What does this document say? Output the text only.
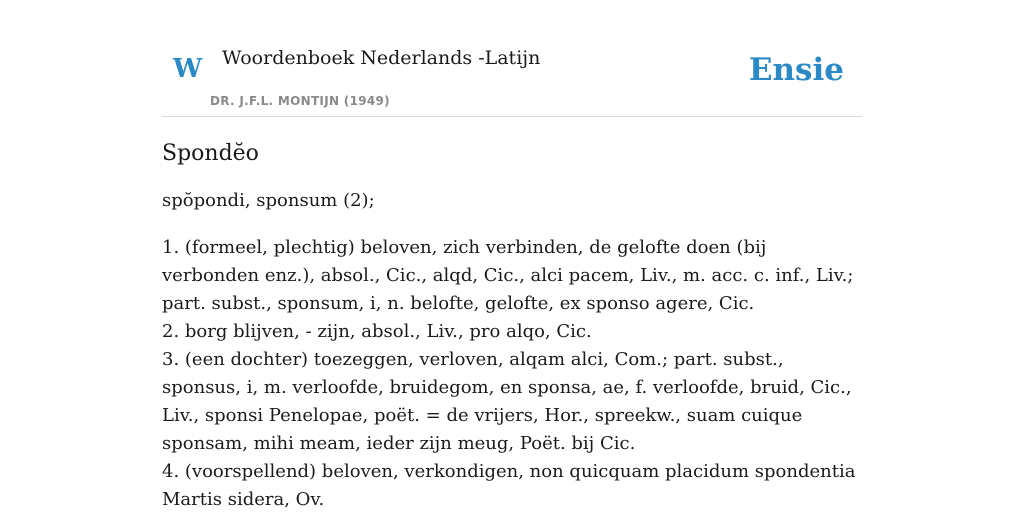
W Woordenboek Nederlands -Latijn
DR. J.F.L. MONTIJN (1949)
Ensie
Spondĕo

spŏpondi, sponsum (2);

1. (formeel, plechtig) beloven, zich verbinden, de gelofte doen (bij verbonden enz.), absol., Cic., alqd, Cic., alci pacem, Liv., m. acc. c. inf., Liv.; part. subst., sponsum, i, n. belofte, gelofte, ex sponso agere, Cic.

2. borg blijven, - zijn, absol., Liv., pro alqo, Cic.

3. (een dochter) toezeggen, verloven, alqam alci, Com.; part. subst., sponsus, i, m. verloofde, bruidegom, en sponsa, ae, f. verloofde, bruid, Cic., Liv., sponsi Penelopae, poët. = de vrijers, Hor., spreekw., suam cuique sponsam, mihi meam, ieder zijn meug, Poët. bij Cic.

4. (voorspellend) beloven, verkondigen, non quicquam placidum spondentia Martis sidera, Ov.
